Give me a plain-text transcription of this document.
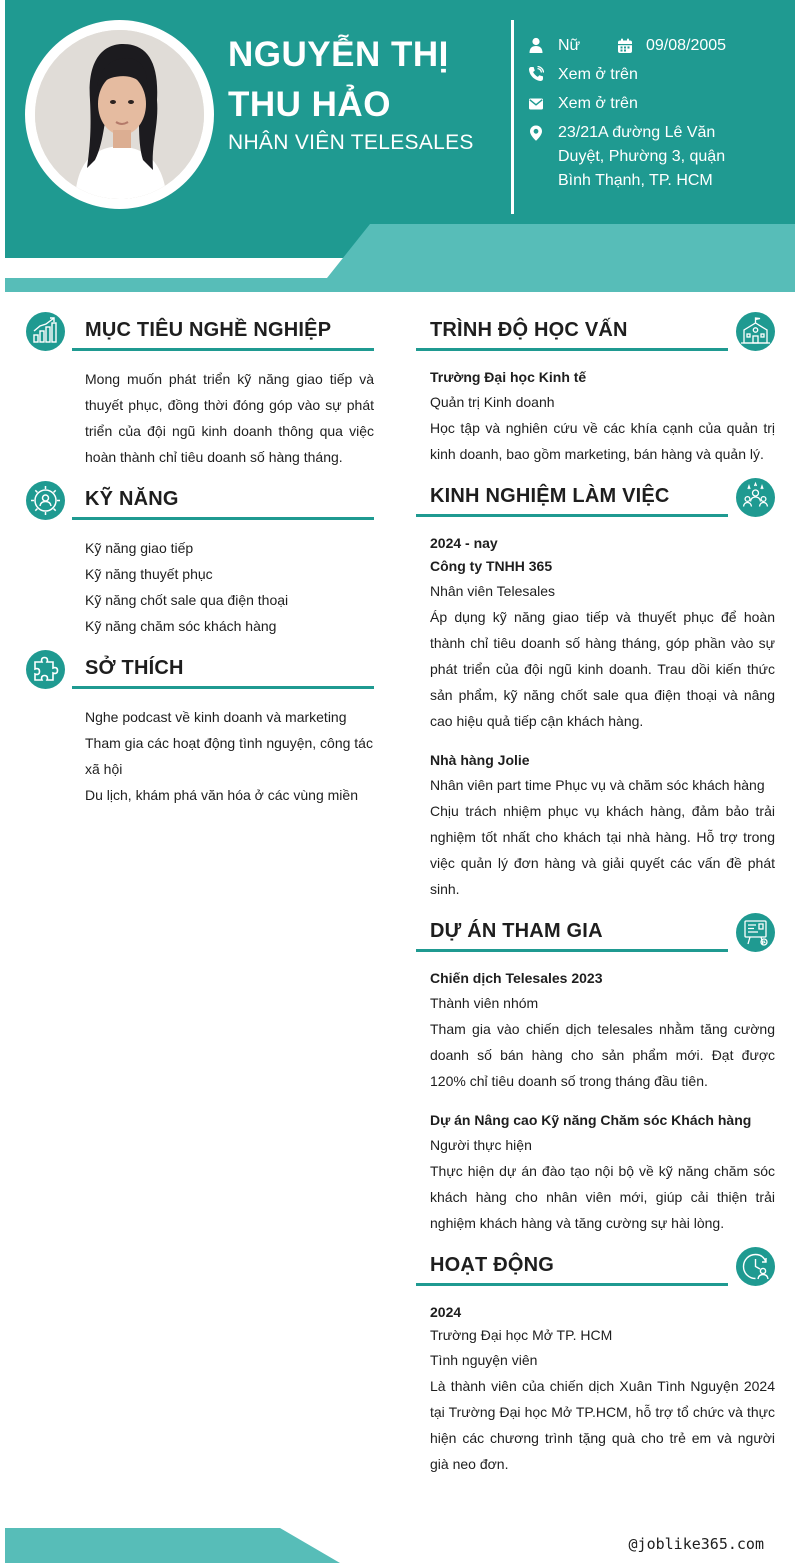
NGUYỄN THỊ
THU HẢO
NHÂN VIÊN TELESALES
Nữ	09/08/2005
Xem ở trên
Xem ở trên
23/21A đường Lê Văn
Duyệt, Phường 3, quận
Bình Thạnh, TP. HCM
MỤC TIÊU NGHỀ NGHIỆP
Mong muốn phát triển kỹ năng giao tiếp và thuyết phục, đồng thời đóng góp vào sự phát triển của đội ngũ kinh doanh thông qua việc hoàn thành chỉ tiêu doanh số hàng tháng.
KỸ NĂNG
Kỹ năng giao tiếp
Kỹ năng thuyết phục
Kỹ năng chốt sale qua điện thoại
Kỹ năng chăm sóc khách hàng
SỞ THÍCH
Nghe podcast về kinh doanh và marketing
Tham gia các hoạt động tình nguyện, công tác
xã hội
Du lịch, khám phá văn hóa ở các vùng miền
TRÌNH ĐỘ HỌC VẤN
Trường Đại học Kinh tế
Quản trị Kinh doanh
Học tập và nghiên cứu về các khía cạnh của quản trị kinh doanh, bao gồm marketing, bán hàng và quản lý.
KINH NGHIỆM LÀM VIỆC
2024 - nay
Công ty TNHH 365
Nhân viên Telesales
Áp dụng kỹ năng giao tiếp và thuyết phục để hoàn thành chỉ tiêu doanh số hàng tháng, góp phần vào sự phát triển của đội ngũ kinh doanh. Trau dồi kiến thức sản phẩm, kỹ năng chốt sale qua điện thoại và nâng cao hiệu quả tiếp cận khách hàng.
Nhà hàng Jolie
Nhân viên part time Phục vụ và chăm sóc khách hàng
Chịu trách nhiệm phục vụ khách hàng, đảm bảo trải nghiệm tốt nhất cho khách tại nhà hàng. Hỗ trợ trong việc quản lý đơn hàng và giải quyết các vấn đề phát sinh.
DỰ ÁN THAM GIA
Chiến dịch Telesales 2023
Thành viên nhóm
Tham gia vào chiến dịch telesales nhằm tăng cường doanh số bán hàng cho sản phẩm mới. Đạt được 120% chỉ tiêu doanh số trong tháng đầu tiên.
Dự án Nâng cao Kỹ năng Chăm sóc Khách hàng
Người thực hiện
Thực hiện dự án đào tạo nội bộ về kỹ năng chăm sóc khách hàng cho nhân viên mới, giúp cải thiện trải nghiệm khách hàng và tăng cường sự hài lòng.
HOẠT ĐỘNG
2024
Trường Đại học Mở TP. HCM
Tình nguyện viên
Là thành viên của chiến dịch Xuân Tình Nguyện 2024 tại Trường Đại học Mở TP.HCM, hỗ trợ tổ chức và thực hiện các chương trình tặng quà cho trẻ em và người già neo đơn.
@joblike365.com
